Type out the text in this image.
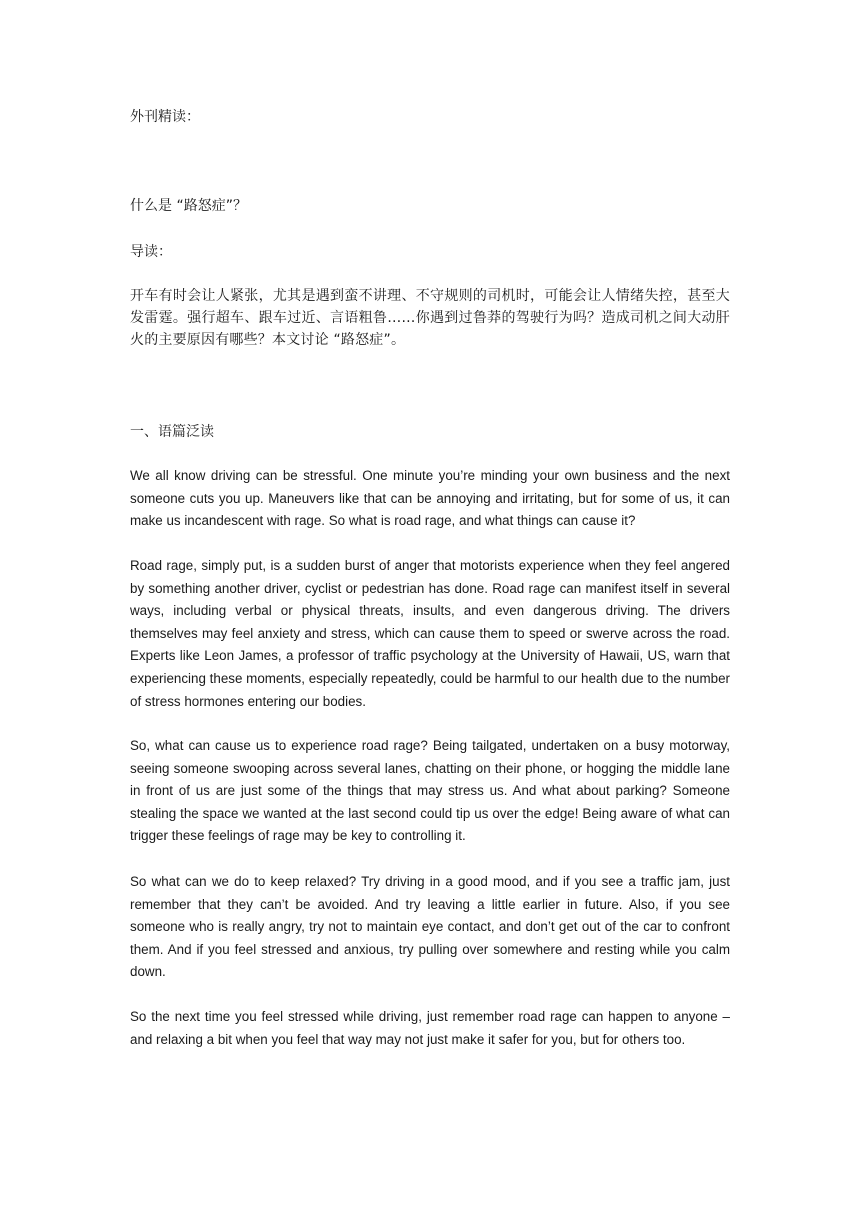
外刊精读：
什么是 “路怒症”？
导读：
开车有时会让人紧张，尤其是遇到蛮不讲理、不守规则的司机时，可能会让人情绪失控，甚至大发雷霆。强行超车、跟车过近、言语粗鲁……你遇到过鲁莽的驾驶行为吗？造成司机之间大动肝火的主要原因有哪些？本文讨论 “路怒症”。
一、语篇泛读
We all know driving can be stressful. One minute you’re minding your own business and the next someone cuts you up. Maneuvers like that can be annoying and irritating, but for some of us, it can make us incandescent with rage. So what is road rage, and what things can cause it?
Road rage, simply put, is a sudden burst of anger that motorists experience when they feel angered by something another driver, cyclist or pedestrian has done. Road rage can manifest itself in several ways, including verbal or physical threats, insults, and even dangerous driving. The drivers themselves may feel anxiety and stress, which can cause them to speed or swerve across the road. Experts like Leon James, a professor of traffic psychology at the University of Hawaii, US, warn that experiencing these moments, especially repeatedly, could be harmful to our health due to the number of stress hormones entering our bodies.
So, what can cause us to experience road rage? Being tailgated, undertaken on a busy motorway, seeing someone swooping across several lanes, chatting on their phone, or hogging the middle lane in front of us are just some of the things that may stress us. And what about parking? Someone stealing the space we wanted at the last second could tip us over the edge! Being aware of what can trigger these feelings of rage may be key to controlling it.
So what can we do to keep relaxed? Try driving in a good mood, and if you see a traffic jam, just remember that they can’t be avoided. And try leaving a little earlier in future. Also, if you see someone who is really angry, try not to maintain eye contact, and don’t get out of the car to confront them. And if you feel stressed and anxious, try pulling over somewhere and resting while you calm down.
So the next time you feel stressed while driving, just remember road rage can happen to anyone – and relaxing a bit when you feel that way may not just make it safer for you, but for others too.
